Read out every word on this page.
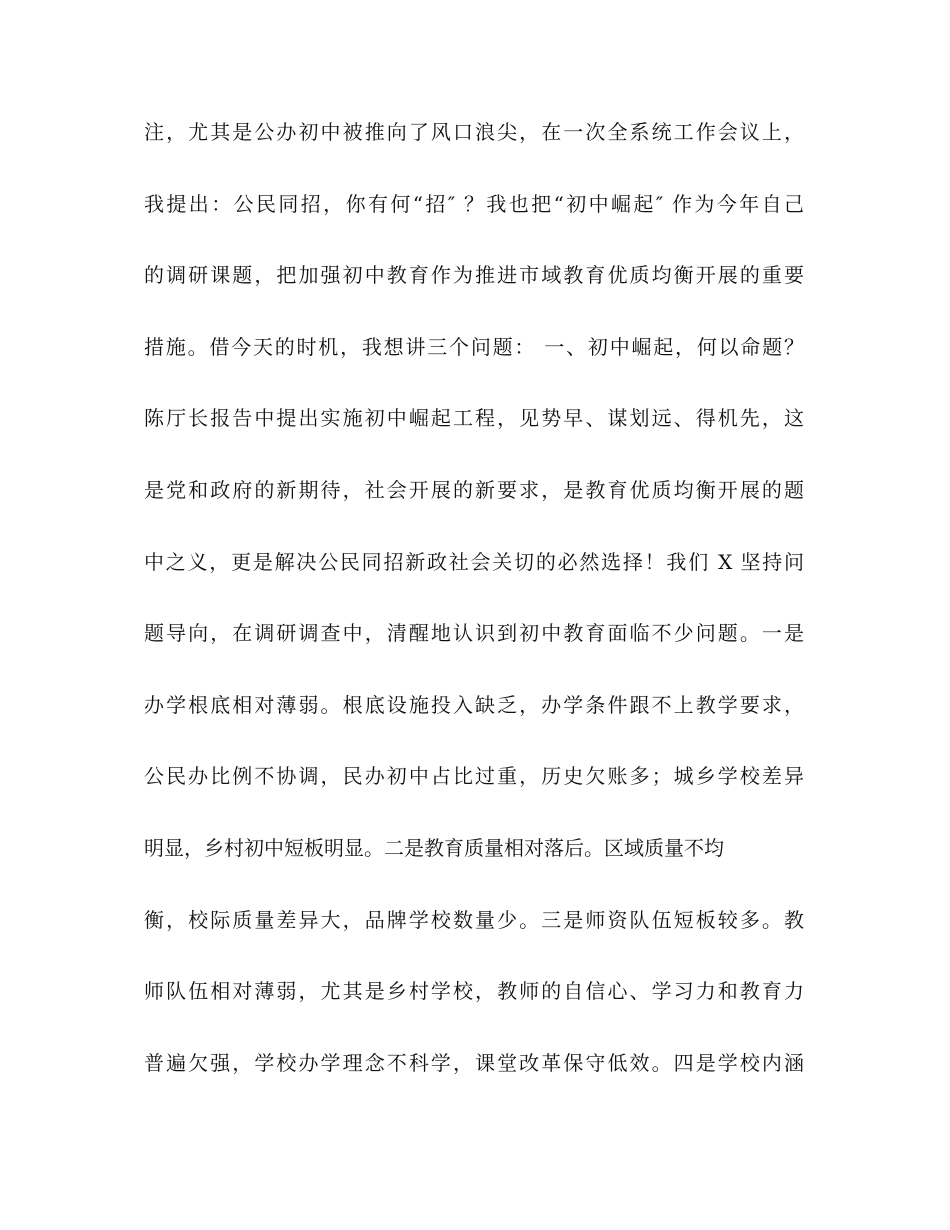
注，尤其是公办初中被推向了风口浪尖，在一次全系统工作会议上，
我提出：公民同招，你有何“招″ ？我也把“初中崛起″ 作为今年自己
的调研课题，把加强初中教育作为推进市域教育优质均衡开展的重要
措施。借今天的时机，我想讲三个问题： 一、初中崛起，何以命题？
陈厅长报告中提出实施初中崛起工程，见势早、谋划远、得机先，这
是党和政府的新期待，社会开展的新要求，是教育优质均衡开展的题
中之义，更是解决公民同招新政社会关切的必然选择！我们 X 坚持问
题导向，在调研调查中，清醒地认识到初中教育面临不少问题。一是
办学根底相对薄弱。根底设施投入缺乏，办学条件跟不上教学要求，
公民办比例不协调，民办初中占比过重，历史欠账多；城乡学校差异
明显，乡村初中短板明显。二是教育质量相对落后。区域质量不均
衡，校际质量差异大，品牌学校数量少。三是师资队伍短板较多。教
师队伍相对薄弱，尤其是乡村学校，教师的自信心、学习力和教育力
普遍欠强，学校办学理念不科学，课堂改革保守低效。四是学校内涵
